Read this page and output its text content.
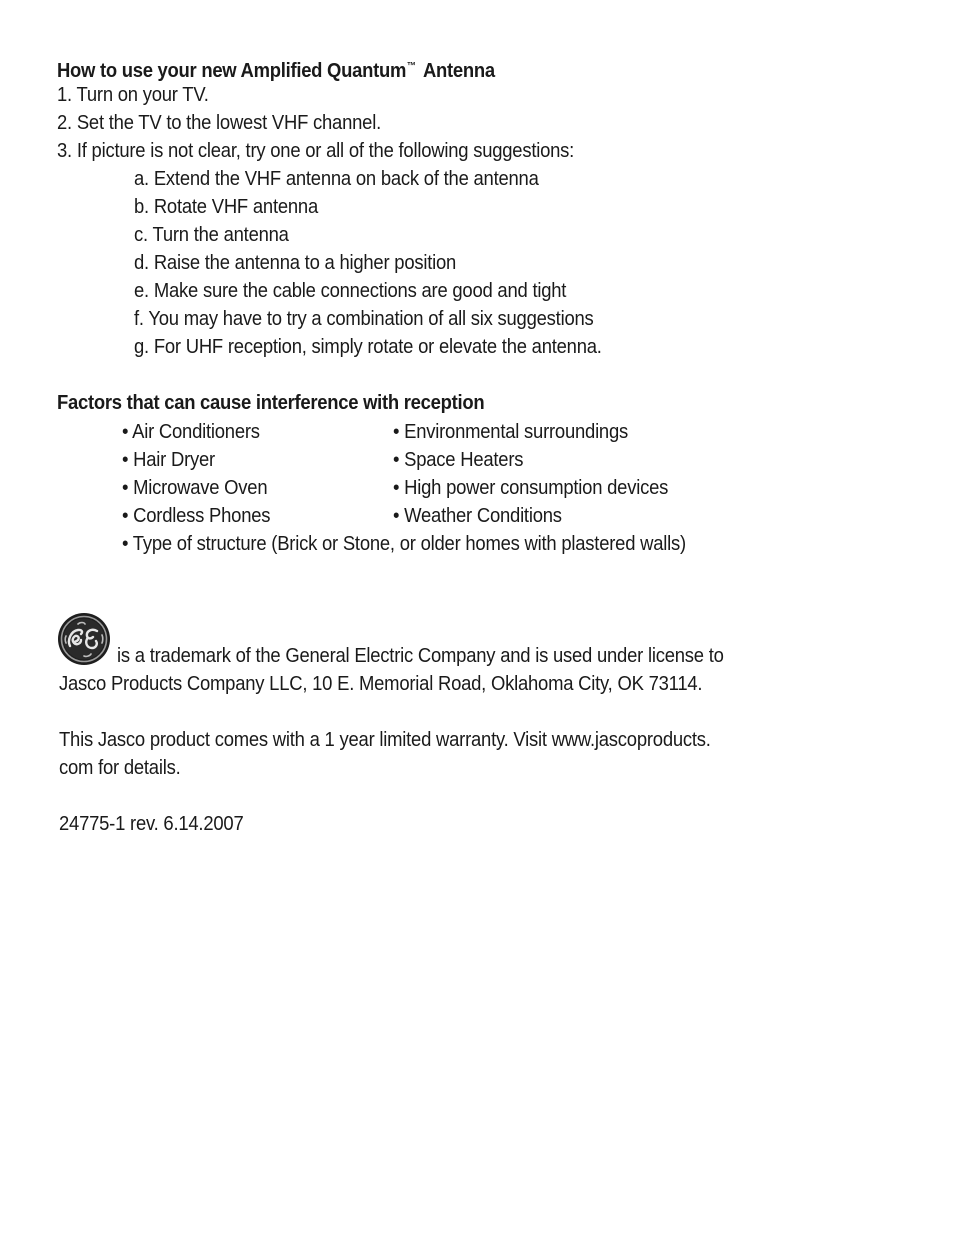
How to use your new Amplified Quantum™ Antenna
1. Turn on your TV.
2. Set the TV to the lowest VHF channel.
3. If picture is not clear, try one or all of the following suggestions:
a. Extend the VHF antenna on back of the antenna
b. Rotate VHF antenna
c. Turn the antenna
d. Raise the antenna to a higher position
e. Make sure the cable connections are good and tight
f. You may have to try a combination of all six suggestions
g. For UHF reception, simply rotate or elevate the antenna.
Factors that can cause interference with reception
• Air Conditioners
• Hair Dryer
• Microwave Oven
• Cordless Phones
• Environmental surroundings
• Space Heaters
• High power consumption devices
• Weather Conditions
• Type of structure (Brick or Stone, or older homes with plastered walls)
is a trademark of the General Electric Company and is used under license to
Jasco Products Company LLC, 10 E. Memorial Road, Oklahoma City, OK 73114.
This Jasco product comes with a 1 year limited warranty. Visit www.jascoproducts.
com for details.
24775-1 rev. 6.14.2007
